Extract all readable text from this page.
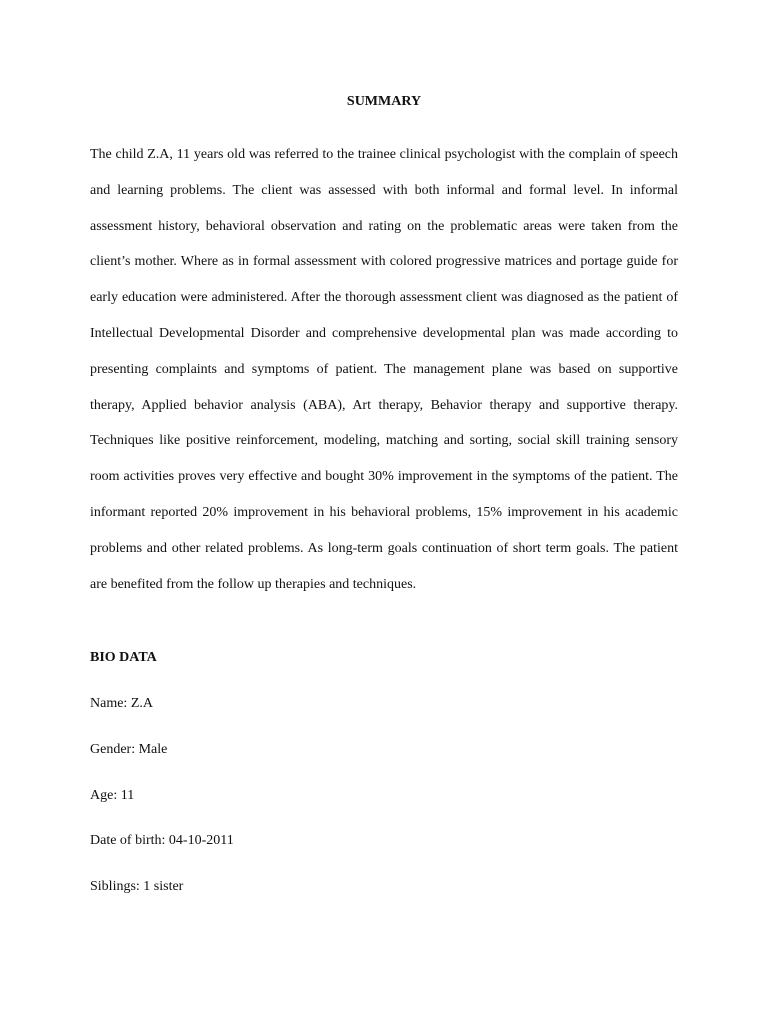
SUMMARY

The child Z.A, 11 years old was referred to the trainee clinical psychologist with the complain of speech and learning problems. The client was assessed with both informal and formal level. In informal assessment history, behavioral observation and rating on the problematic areas were taken from the client’s mother. Where as in formal assessment with colored progressive matrices and portage guide for early education were administered. After the thorough assessment client was diagnosed as the patient of Intellectual Developmental Disorder and comprehensive developmental plan was made according to presenting complaints and symptoms of patient. The management plane was based on supportive therapy, Applied behavior analysis (ABA), Art therapy, Behavior therapy and supportive therapy. Techniques like positive reinforcement, modeling, matching and sorting, social skill training sensory room activities proves very effective and bought 30% improvement in the symptoms of the patient. The informant reported 20% improvement in his behavioral problems, 15% improvement in his academic problems and other related problems. As long-term goals continuation of short term goals. The patient are benefited from the follow up therapies and techniques.

BIO DATA

Name: Z.A

Gender: Male

Age: 11

Date of birth: 04-10-2011

Siblings: 1 sister
